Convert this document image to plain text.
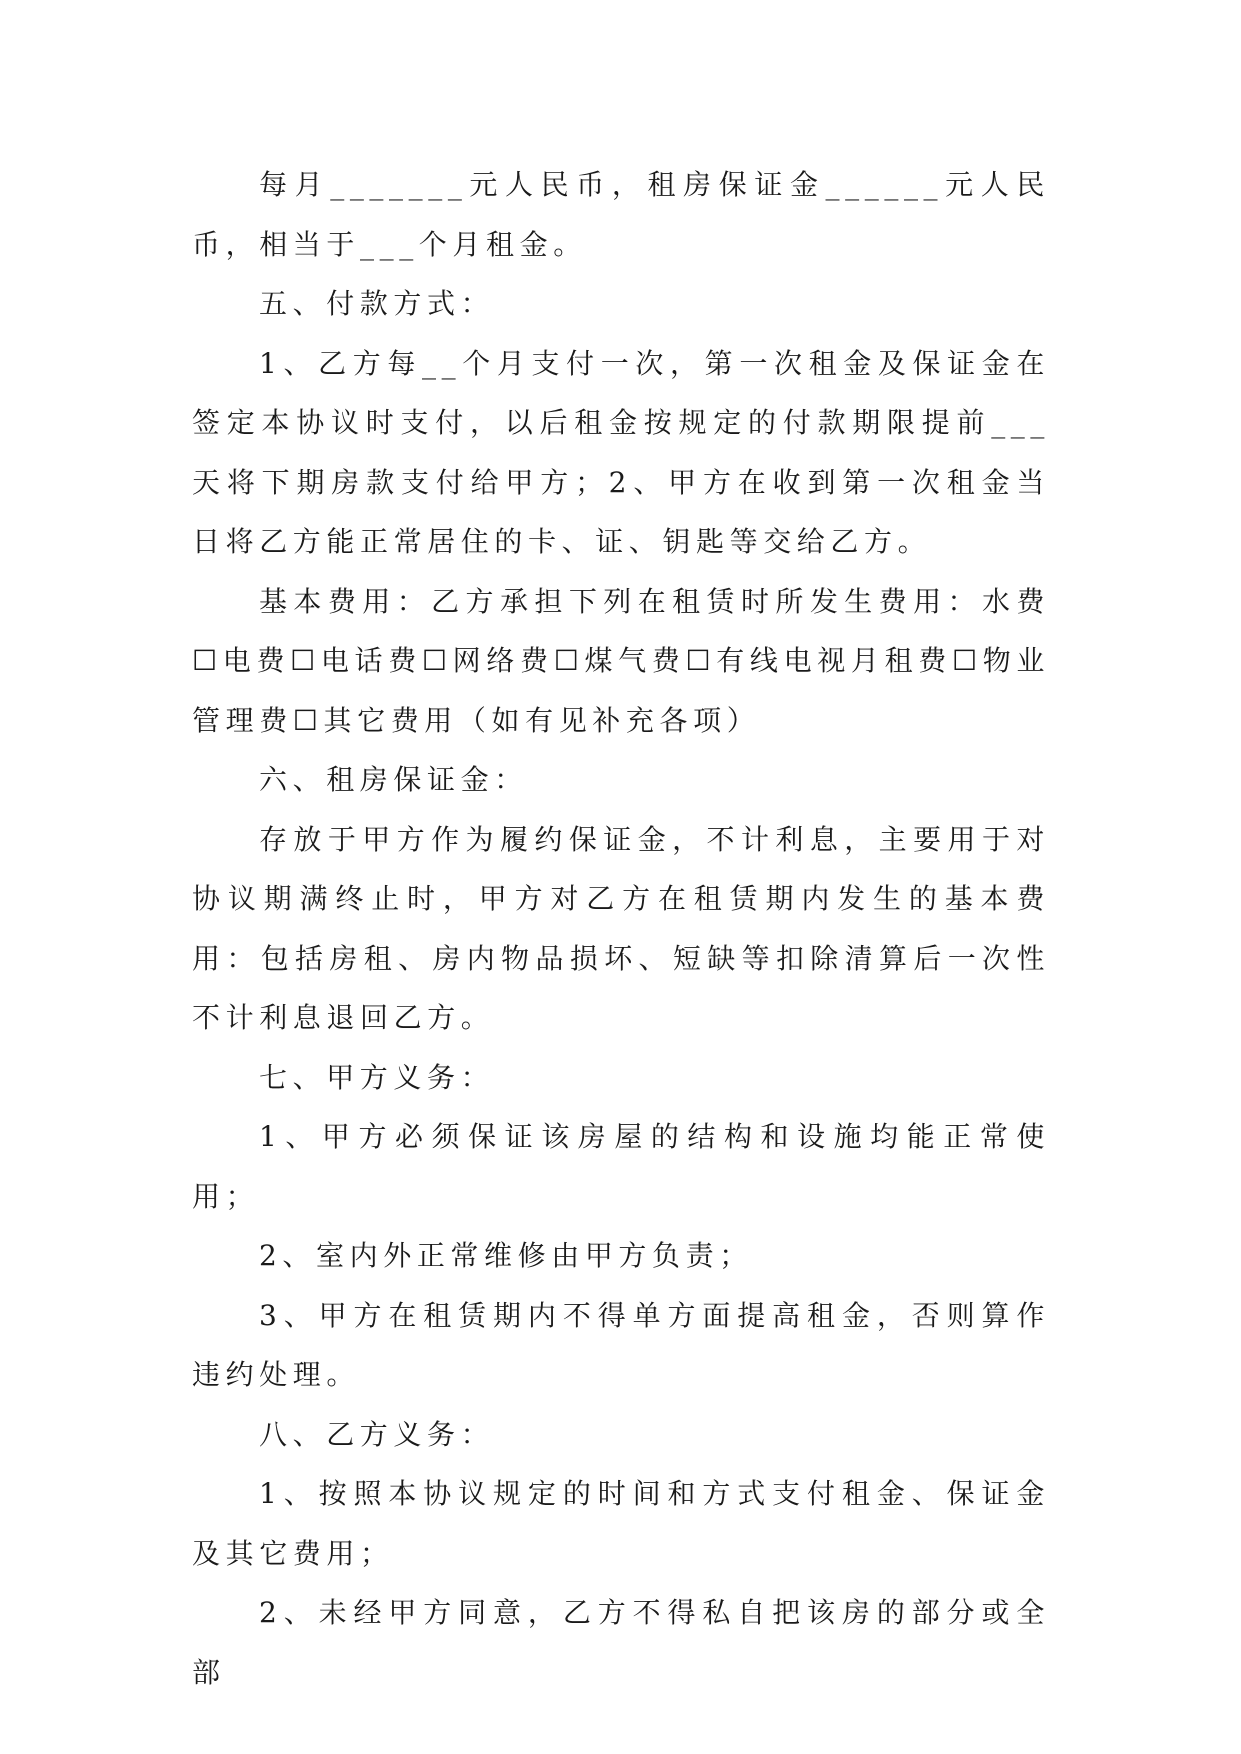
每月_______元人民币，租房保证金______元人民币，相当于___个月租金。

五、付款方式：

1、乙方每__个月支付一次，第一次租金及保证金在签定本协议时支付，以后租金按规定的付款期限提前___天将下期房款支付给甲方；2、甲方在收到第一次租金当日将乙方能正常居住的卡、证、钥匙等交给乙方。

基本费用：乙方承担下列在租赁时所发生费用：水费☐电费☐电话费☐网络费☐煤气费☐有线电视月租费☐物业管理费☐其它费用（如有见补充各项）

六、租房保证金：

存放于甲方作为履约保证金，不计利息，主要用于对协议期满终止时，甲方对乙方在租赁期内发生的基本费用：包括房租、房内物品损坏、短缺等扣除清算后一次性不计利息退回乙方。

七、甲方义务：

1、甲方必须保证该房屋的结构和设施均能正常使用；

2、室内外正常维修由甲方负责；

3、甲方在租赁期内不得单方面提高租金，否则算作违约处理。

八、乙方义务：

1、按照本协议规定的时间和方式支付租金、保证金及其它费用；

2、未经甲方同意，乙方不得私自把该房的部分或全部
